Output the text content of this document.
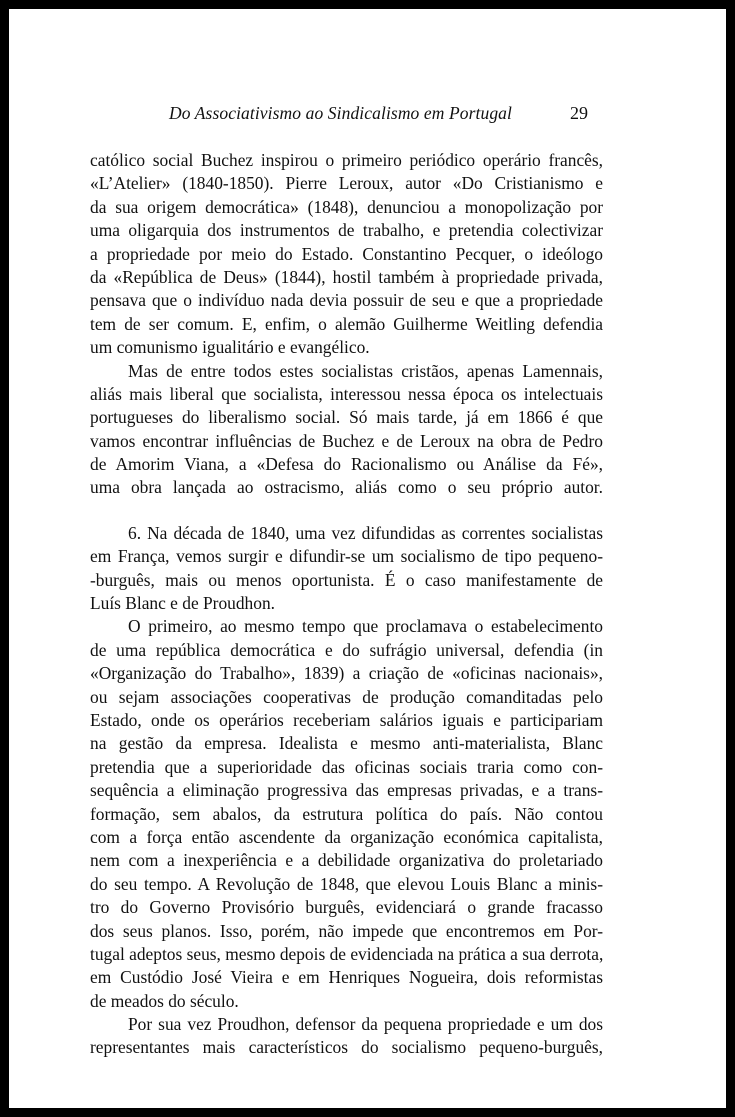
Do Associativismo ao Sindicalismo em Portugal	29
católico social Buchez inspirou o primeiro periódico operário francês,
«L’Atelier» (1840-1850). Pierre Leroux, autor «Do Cristianismo e
da sua origem democrática» (1848), denunciou a monopolização por
uma oligarquia dos instrumentos de trabalho, e pretendia colectivizar
a propriedade por meio do Estado. Constantino Pecquer, o ideólogo
da «República de Deus» (1844), hostil também à propriedade privada,
pensava que o indivíduo nada devia possuir de seu e que a propriedade
tem de ser comum. E, enfim, o alemão Guilherme Weitling defendia
um comunismo igualitário e evangélico.
Mas de entre todos estes socialistas cristãos, apenas Lamennais,
aliás mais liberal que socialista, interessou nessa época os intelectuais
portugueses do liberalismo social. Só mais tarde, já em 1866 é que
vamos encontrar influências de Buchez e de Leroux na obra de Pedro
de Amorim Viana, a «Defesa do Racionalismo ou Análise da Fé»,
uma obra lançada ao ostracismo, aliás como o seu próprio autor.
6. Na década de 1840, uma vez difundidas as correntes socialistas
em França, vemos surgir e difundir-se um socialismo de tipo pequeno-
-burguês, mais ou menos oportunista. É o caso manifestamente de
Luís Blanc e de Proudhon.
O primeiro, ao mesmo tempo que proclamava o estabelecimento
de uma república democrática e do sufrágio universal, defendia (in
«Organização do Trabalho», 1839) a criação de «oficinas nacionais»,
ou sejam associações cooperativas de produção comanditadas pelo
Estado, onde os operários receberiam salários iguais e participariam
na gestão da empresa. Idealista e mesmo anti-materialista, Blanc
pretendia que a superioridade das oficinas sociais traria como con-
sequência a eliminação progressiva das empresas privadas, e a trans-
formação, sem abalos, da estrutura política do país. Não contou
com a força então ascendente da organização económica capitalista,
nem com a inexperiência e a debilidade organizativa do proletariado
do seu tempo. A Revolução de 1848, que elevou Louis Blanc a minis-
tro do Governo Provisório burguês, evidenciará o grande fracasso
dos seus planos. Isso, porém, não impede que encontremos em Por-
tugal adeptos seus, mesmo depois de evidenciada na prática a sua derrota,
em Custódio José Vieira e em Henriques Nogueira, dois reformistas
de meados do século.
Por sua vez Proudhon, defensor da pequena propriedade e um dos
representantes mais característicos do socialismo pequeno-burguês,
